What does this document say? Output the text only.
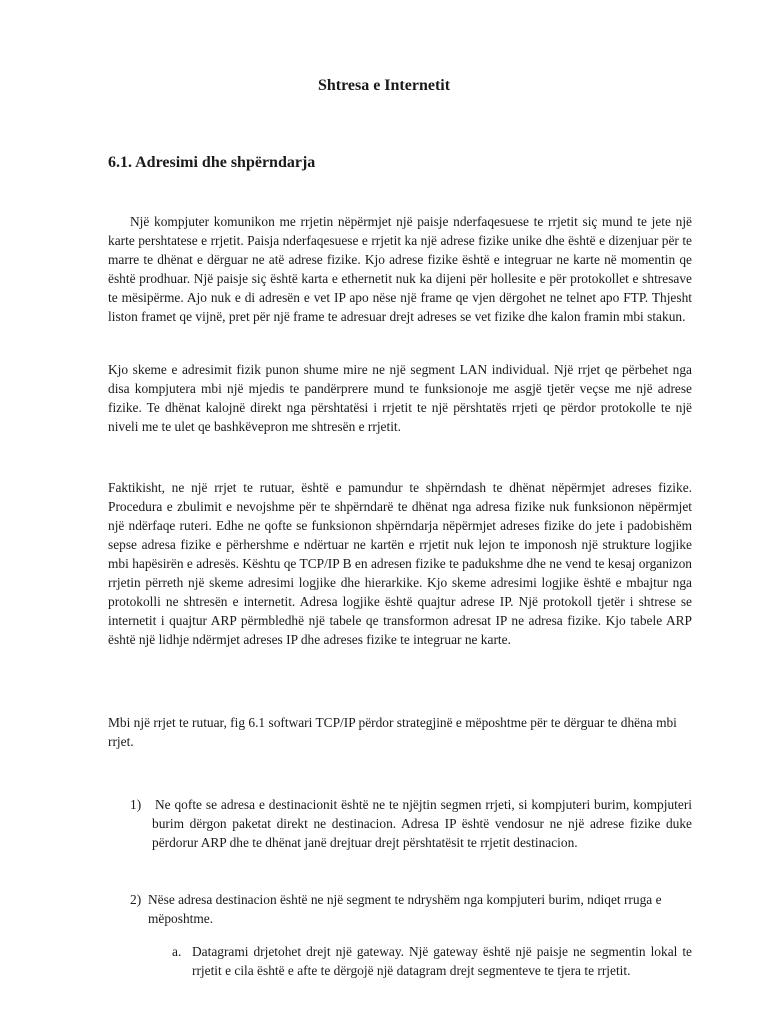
Shtresa e Internetit
6.1. Adresimi dhe shpërndarja

Një kompjuter komunikon me rrjetin nëpërmjet një paisje nderfaqesuese te rrjetit siç mund te jete një karte pershtatese e rrjetit. Paisja nderfaqesuese e rrjetit ka një adrese fizike unike dhe është e dizenjuar për te marre te dhënat e dërguar ne atë adrese fizike. Kjo adrese fizike është e integruar ne karte në momentin qe është prodhuar. Një paisje siç është karta e ethernetit nuk ka dijeni për hollesite e për protokollet e shtresave te mësipërme. Ajo nuk e di adresën e vet IP apo nëse një frame qe vjen dërgohet ne telnet apo FTP. Thjesht liston framet qe vijnë, pret për një frame te adresuar drejt adreses se vet fizike dhe kalon framin mbi stakun.

Kjo skeme e adresimit fizik punon shume mire ne një segment LAN individual. Një rrjet qe përbehet nga disa kompjutera mbi një mjedis te pandërprere mund te funksionoje me asgjë tjetër veçse me një adrese fizike. Te dhënat kalojnë direkt nga përshtatësi i rrjetit te një përshtatës rrjeti qe përdor protokolle te një niveli me te ulet qe bashkëvepron me shtresën e rrjetit.

Faktikisht, ne një rrjet te rutuar, është e pamundur te shpërndash te dhënat nëpërmjet adreses fizike. Procedura e zbulimit e nevojshme për te shpërndarë te dhënat nga adresa fizike nuk funksionon nëpërmjet një ndërfaqe ruteri. Edhe ne qofte se funksionon shpërndarja nëpërmjet adreses fizike do jete i padobishëm sepse adresa fizike e përhershme e ndërtuar ne kartën e rrjetit nuk lejon te imponosh një strukture logjike mbi hapësirën e adresës. Kështu qe TCP/IP B en adresen fizike te padukshme dhe ne vend te kesaj organizon rrjetin përreth një skeme adresimi logjike dhe hierarkike. Kjo skeme adresimi logjike është e mbajtur nga protokolli ne shtresën e internetit. Adresa logjike është quajtur adrese IP. Një protokoll tjetër i shtrese se internetit i quajtur ARP përmbledhë një tabele qe transformon adresat IP ne adresa fizike. Kjo tabele ARP është një lidhje ndërmjet adreses IP dhe adreses fizike te integruar ne karte.

Mbi një rrjet te rutuar, fig 6.1 softwari TCP/IP përdor strategjinë e mëposhtme për te dërguar te dhëna mbi rrjet.

1)	Ne qofte se adresa e destinacionit është ne te njëjtin segmen rrjeti, si kompjuteri burim, kompjuteri burim dërgon paketat direkt ne destinacion. Adresa IP është vendosur ne një adrese fizike duke përdorur ARP dhe te dhënat janë drejtuar drejt përshtatësit te rrjetit destinacion.

2) Nëse adresa destinacion është ne një segment te ndryshëm nga kompjuteri burim, ndiqet rruga e mëposhtme.

a. Datagrami drjetohet drejt një gateway. Një gateway është një paisje ne segmentin lokal te rrjetit e cila është e afte te dërgojë një datagram drejt segmenteve te tjera te rrjetit.
